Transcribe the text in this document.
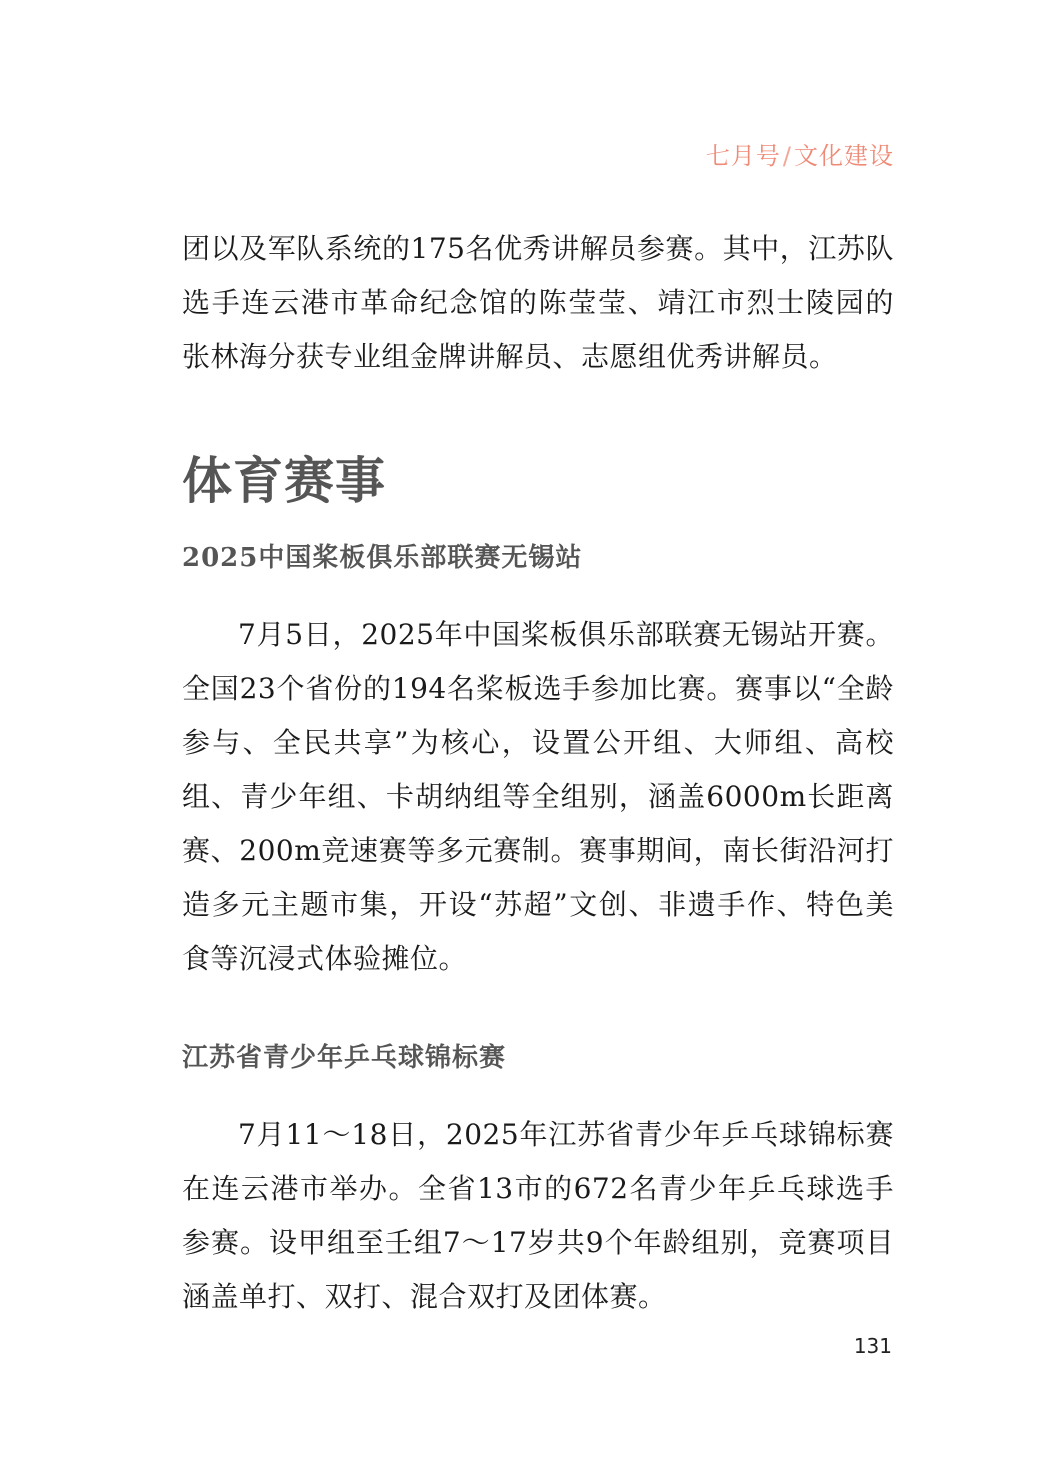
七月号/文化建设

团以及军队系统的175名优秀讲解员参赛。其中，江苏队选手连云港市革命纪念馆的陈莹莹、靖江市烈士陵园的张林海分获专业组金牌讲解员、志愿组优秀讲解员。

体育赛事
2025中国桨板俱乐部联赛无锡站

7月5日，2025年中国桨板俱乐部联赛无锡站开赛。全国23个省份的194名桨板选手参加比赛。赛事以“全龄参与、全民共享”为核心，设置公开组、大师组、高校组、青少年组、卡胡纳组等全组别，涵盖6000m长距离赛、200m竞速赛等多元赛制。赛事期间，南长街沿河打造多元主题市集，开设“苏超”文创、非遗手作、特色美食等沉浸式体验摊位。

江苏省青少年乒乓球锦标赛

7月11～18日，2025年江苏省青少年乒乓球锦标赛在连云港市举办。全省13市的672名青少年乒乓球选手参赛。设甲组至壬组7～17岁共9个年龄组别，竞赛项目涵盖单打、双打、混合双打及团体赛。

131
